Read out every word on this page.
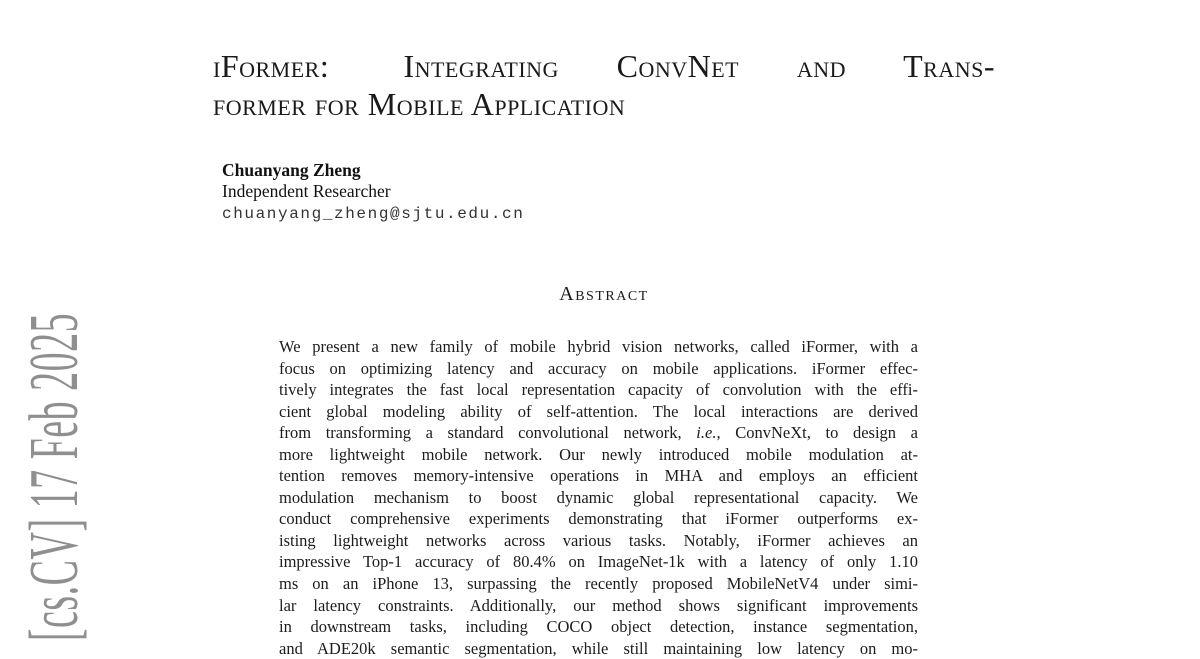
[cs.CV] 17 Feb 2025
iFormer:  Integrating ConvNet and Trans-
former for Mobile Application
Chuanyang Zheng
Independent Researcher
chuanyang_zheng@sjtu.edu.cn
Abstract
We present a new family of mobile hybrid vision networks, called iFormer, with a
focus on optimizing latency and accuracy on mobile applications. iFormer effec-
tively integrates the fast local representation capacity of convolution with the effi-
cient global modeling ability of self-attention. The local interactions are derived
from transforming a standard convolutional network, i.e., ConvNeXt, to design a
more lightweight mobile network. Our newly introduced mobile modulation at-
tention removes memory-intensive operations in MHA and employs an efficient
modulation mechanism to boost dynamic global representational capacity. We
conduct comprehensive experiments demonstrating that iFormer outperforms ex-
isting lightweight networks across various tasks. Notably, iFormer achieves an
impressive Top-1 accuracy of 80.4% on ImageNet-1k with a latency of only 1.10
ms on an iPhone 13, surpassing the recently proposed MobileNetV4 under simi-
lar latency constraints. Additionally, our method shows significant improvements
in downstream tasks, including COCO object detection, instance segmentation,
and ADE20k semantic segmentation, while still maintaining low latency on mo-
